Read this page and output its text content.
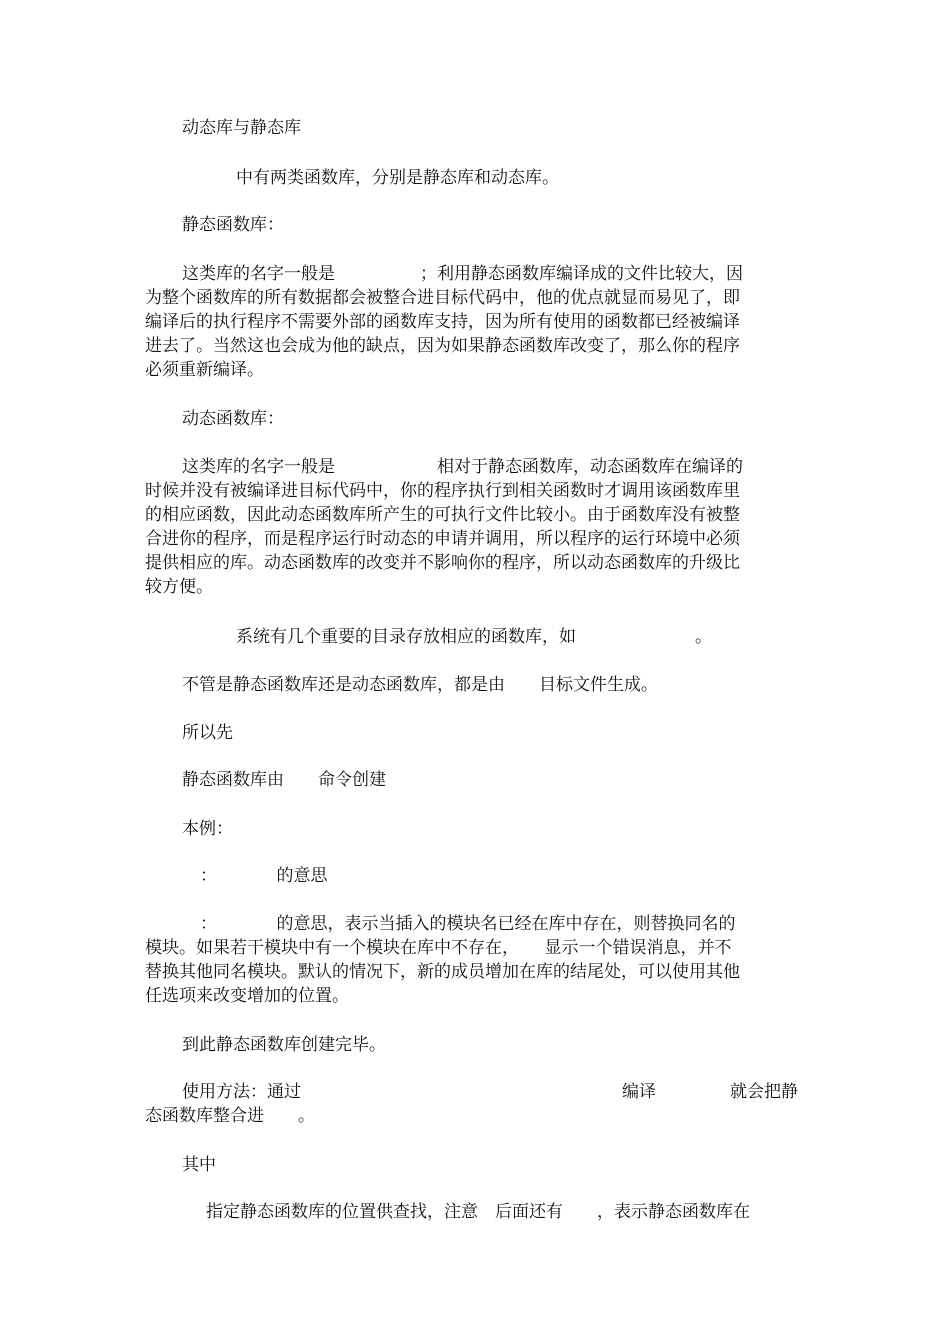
动态库与静态库

中有两类函数库，分别是静态库和动态库。

静态函数库：

这类库的名字一般是　　　　　；利用静态函数库编译成的文件比较大，因

为整个函数库的所有数据都会被整合进目标代码中，他的优点就显而易见了，即

编译后的执行程序不需要外部的函数库支持，因为所有使用的函数都已经被编译

进去了。当然这也会成为他的缺点，因为如果静态函数库改变了，那么你的程序

必须重新编译。

动态函数库：

这类库的名字一般是　　　　　　相对于静态函数库，动态函数库在编译的

时候并没有被编译进目标代码中，你的程序执行到相关函数时才调用该函数库里

的相应函数，因此动态函数库所产生的可执行文件比较小。由于函数库没有被整

合进你的程序，而是程序运行时动态的申请并调用，所以程序的运行环境中必须

提供相应的库。动态函数库的改变并不影响你的程序，所以动态函数库的升级比

较方便。

系统有几个重要的目录存放相应的函数库，如　　　　　　　。

不管是静态函数库还是动态函数库，都是由　　目标文件生成。

所以先

静态函数库由　　命令创建

本例：

：　　　　的意思

：　　　　的意思，表示当插入的模块名已经在库中存在，则替换同名的

模块。如果若干模块中有一个模块在库中不存在，　　显示一个错误消息，并不

替换其他同名模块。默认的情况下，新的成员增加在库的结尾处，可以使用其他

任选项来改变增加的位置。

到此静态函数库创建完毕。

使用方法：通过	编译	就会把静

态函数库整合进　　。

其中

指定静态函数库的位置供查找，注意　后面还有　　，表示静态函数库在
